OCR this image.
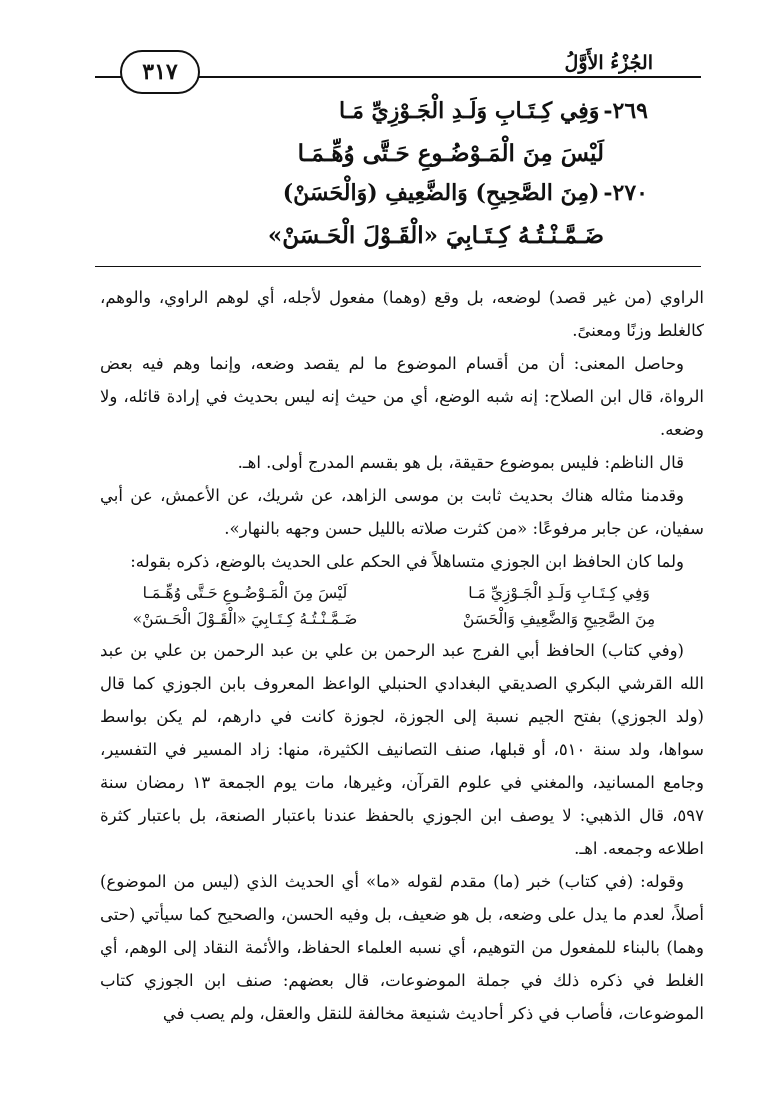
٣١٧	الجُزْءُ الأَوَّلُ
٢٦٩-
وَفِي كِـتَـابِ وَلَـدِ الْجَـوْزِيِّ مَـا
لَيْسَ مِنَ الْمَـوْضُـوعِ حَـتَّى وُهِّـمَـا
٢٧٠-
(مِنَ الصَّحِيحِ) وَالضَّعِيفِ (وَالْحَسَنْ)
ضَـمَّـنْـتُـهُ كِـتَـابِيَ «الْقَـوْلَ الْحَـسَنْ»

الراوي (من غير قصد) لوضعه، بل وقع (وهما) مفعول لأجله، أي لوهم الراوي، والوهم، كالغلط وزنًا ومعنىً.

وحاصل المعنى: أن من أقسام الموضوع ما لم يقصد وضعه، وإنما وهم فيه بعض الرواة، قال ابن الصلاح: إنه شبه الوضع، أي من حيث إنه ليس بحديث في إرادة قائله، ولا وضعه.

قال الناظم: فليس بموضوع حقيقة، بل هو بقسم المدرج أولى. اهـ.

وقدمنا مثاله هناك بحديث ثابت بن موسى الزاهد، عن شريك، عن الأعمش، عن أبي سفيان، عن جابر مرفوعًا: «من كثرت صلاته بالليل حسن وجهه بالنهار».

ولما كان الحافظ ابن الجوزي متساهلاً في الحكم على الحديث بالوضع، ذكره بقوله:

وَفِي كِـتَـابِ وَلَـدِ الْجَـوْزِيِّ مَـا
لَيْسَ مِنَ الْمَـوْضُـوعِ حَـتَّى وُهِّـمَـا
مِنَ الصَّحِيحِ وَالضَّعِيفِ وَالْحَسَنْ
ضَـمَّـنْـتُـهُ كِـتَـابِيَ «الْقَـوْلَ الْحَـسَنْ»

(وفي كتاب) الحافظ أبي الفرج عبد الرحمن بن علي بن عبد الرحمن بن علي بن عبد الله القرشي البكري الصديقي البغدادي الحنبلي الواعظ المعروف بابن الجوزي كما قال (ولد الجوزي) بفتح الجيم نسبة إلى الجوزة، لجوزة كانت في دارهم، لم يكن بواسط سواها، ولد سنة ٥١٠، أو قبلها، صنف التصانيف الكثيرة، منها: زاد المسير في التفسير، وجامع المسانيد، والمغني في علوم القرآن، وغيرها، مات يوم الجمعة ١٣ رمضان سنة ٥٩٧، قال الذهبي: لا يوصف ابن الجوزي بالحفظ عندنا باعتبار الصنعة، بل باعتبار كثرة اطلاعه وجمعه. اهـ.

وقوله: (في كتاب) خبر (ما) مقدم لقوله «ما» أي الحديث الذي (ليس من الموضوع) أصلاً، لعدم ما يدل على وضعه، بل هو ضعيف، بل وفيه الحسن، والصحيح كما سيأتي (حتى وهما) بالبناء للمفعول من التوهيم، أي نسبه العلماء الحفاظ، والأئمة النقاد إلى الوهم، أي الغلط في ذكره ذلك في جملة الموضوعات، قال بعضهم: صنف ابن الجوزي كتاب الموضوعات، فأصاب في ذكر أحاديث شنيعة مخالفة للنقل والعقل، ولم يصب في
